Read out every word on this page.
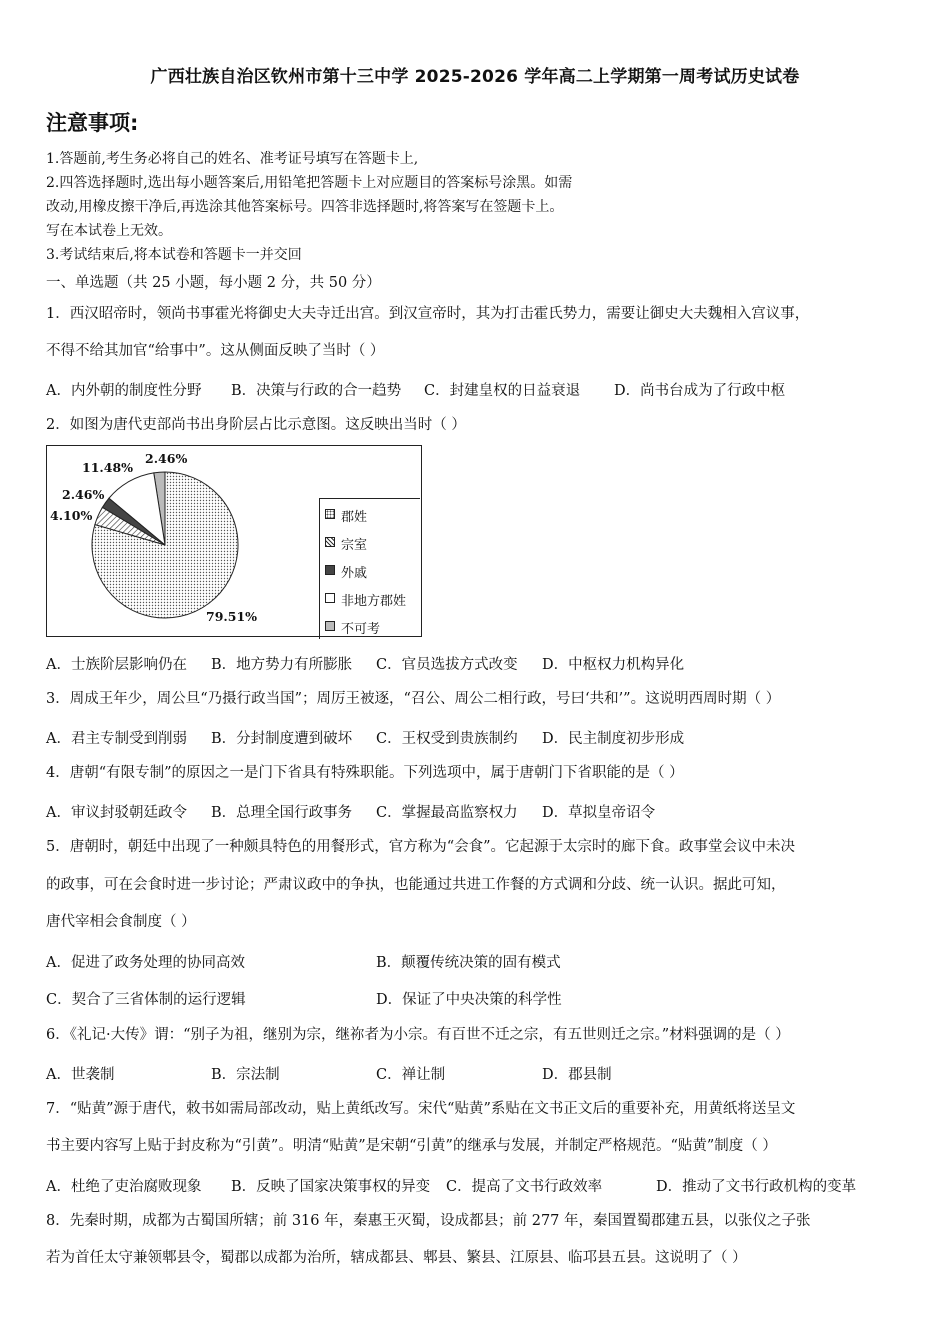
广西壮族自治区钦州市第十三中学 2025-2026 学年高二上学期第一周考试历史试卷
注意事项:
1.答题前,考生务必将自己的姓名、准考证号填写在答题卡上,
2.四答选择题时,选出每小题答案后,用铅笔把答题卡上对应题目的答案标号涂黑。如需
改动,用橡皮擦干净后,再选涂其他答案标号。四答非选择题时,将答案写在签题卡上。
写在本试卷上无效。
3.考试结束后,将本试卷和答题卡一并交回
一、单选题（共 25 小题，每小题 2 分，共 50 分）
1．西汉昭帝时，领尚书事霍光将御史大夫寺迁出宫。到汉宣帝时，其为打击霍氏势力，需要让御史大夫魏相入宫议事，
不得不给其加官“给事中”。这从侧面反映了当时（ ）
A．内外朝的制度性分野 B．决策与行政的合一趋势 C．封建皇权的日益衰退 D．尚书台成为了行政中枢
2．如图为唐代吏部尚书出身阶层占比示意图。这反映出当时（ ）
11.48%
2.46%
2.46%
4.10%
79.51%
郡姓
宗室
外戚
非地方郡姓
不可考
A．士族阶层影响仍在 B．地方势力有所膨胀 C．官员选拔方式改变 D．中枢权力机构异化
3．周成王年少，周公旦“乃摄行政当国”；周厉王被逐，“召公、周公二相行政，号曰‘共和’”。这说明西周时期（ ）
A．君主专制受到削弱 B．分封制度遭到破坏 C．王权受到贵族制约 D．民主制度初步形成
4．唐朝“有限专制”的原因之一是门下省具有特殊职能。下列选项中，属于唐朝门下省职能的是（ ）
A．审议封驳朝廷政令 B．总理全国行政事务 C．掌握最高监察权力 D．草拟皇帝诏令
5．唐朝时，朝廷中出现了一种颇具特色的用餐形式，官方称为“会食”。它起源于太宗时的廊下食。政事堂会议中未决
的政事，可在会食时进一步讨论；严肃议政中的争执，也能通过共进工作餐的方式调和分歧、统一认识。据此可知，
唐代宰相会食制度（ ）
A．促进了政务处理的协同高效	B．颠覆传统决策的固有模式
C．契合了三省体制的运行逻辑	D．保证了中央决策的科学性
6．《礼记·大传》谓：“别子为祖，继别为宗，继祢者为小宗。有百世不迁之宗，有五世则迁之宗。”材料强调的是（ ）
A．世袭制	B．宗法制	C．禅让制	D．郡县制
7．“贴黄”源于唐代，敕书如需局部改动，贴上黄纸改写。宋代“贴黄”系贴在文书正文后的重要补充，用黄纸将送呈文
书主要内容写上贴于封皮称为“引黄”。明清“贴黄”是宋朝“引黄”的继承与发展，并制定严格规范。“贴黄”制度（ ）
A．杜绝了吏治腐败现象 B．反映了国家决策事权的异变 C．提高了文书行政效率	D．推动了文书行政机构的变革
8．先秦时期，成都为古蜀国所辖；前 316 年，秦惠王灭蜀，设成都县；前 277 年，秦国置蜀郡建五县，以张仪之子张
若为首任太守兼领郫县令，蜀郡以成都为治所，辖成都县、郫县、繁县、江原县、临邛县五县。这说明了（ ）
